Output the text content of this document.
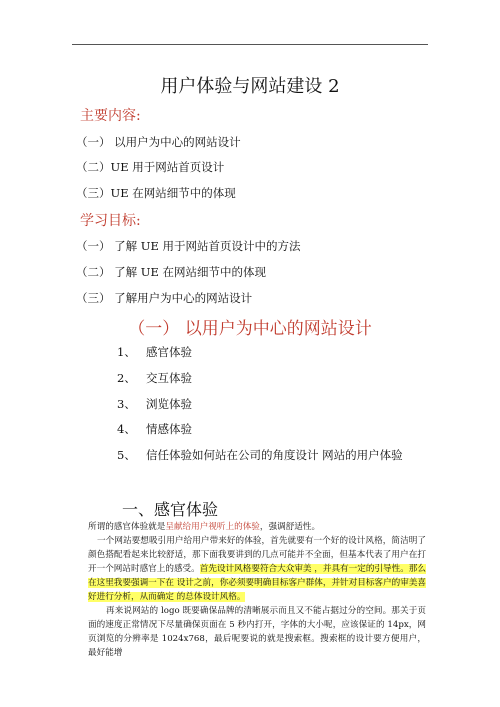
用户体验与网站建设 2
主要内容:
（一） 以用户为中心的网站设计
（二）UE 用于网站首页设计
（三）UE 在网站细节中的体现
学习目标:
（一） 了解 UE 用于网站首页设计中的方法
（二） 了解 UE 在网站细节中的体现
（三） 了解用户为中心的网站设计
（一） 以用户为中心的网站设计
1、 感官体验
2、 交互体验
3、 浏览体验
4、 情感体验
5、 信任体验如何站在公司的角度设计 网站的用户体验
一、感官体验
所谓的感官体验就是呈献给用户视听上的体验，强调舒适性。
一个网站要想吸引用户给用户带来好的体验，首先就要有一个好的设计风格，简洁明了颜色搭配看起来比较舒适，那下面我要讲到的几点可能并不全面，但基本代表了用户在打开一个网站时感官上的感受。首先设计风格要符合大众审美 ，并具有一定的引导性。那么在这里我要强调一下在 设计之前，你必须要明确目标客户群体，并针对目标客户的审美喜好进行分析，从而确定 的总体设计风格。
再来说网站的 logo 既要确保品牌的清晰展示而且又不能占据过分的空间。那关于页面的速度正常情况下尽量确保页面在 5 秒内打开，字体的大小呢，应该保证的 14px，网页浏览的分辨率是 1024x768，最后呢要说的就是搜索框。搜索框的设计要方便用户，最好能增
